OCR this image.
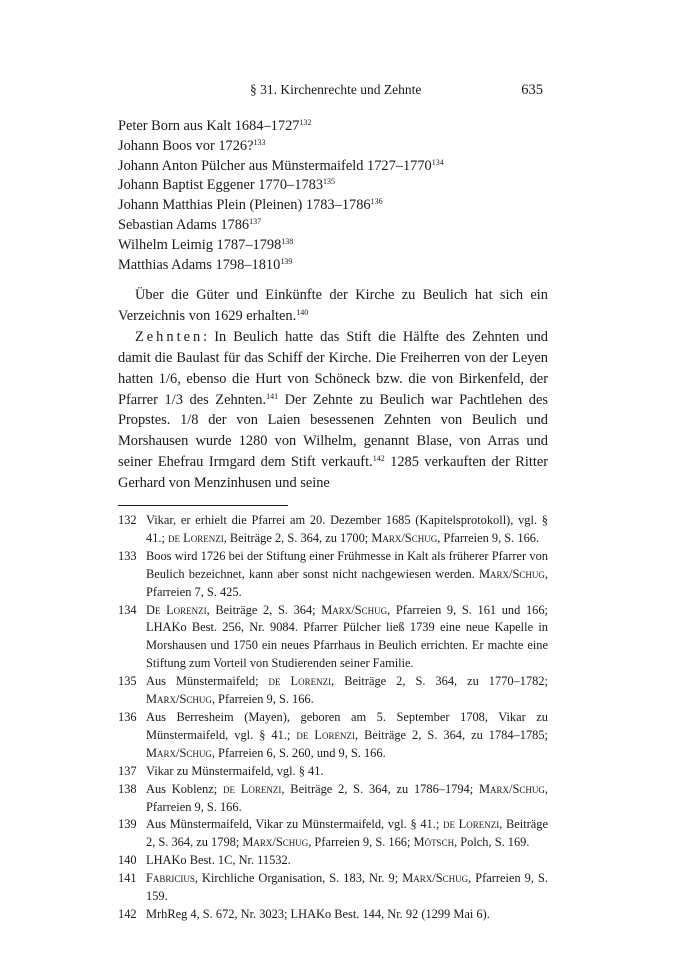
§ 31. Kirchenrechte und Zehnte	635
Peter Born aus Kalt 1684–1727$^{132}$
Johann Boos vor 1726?$^{133}$
Johann Anton Pülcher aus Münstermaifeld 1727–1770$^{134}$
Johann Baptist Eggener 1770–1783$^{135}$
Johann Matthias Plein (Pleinen) 1783–1786$^{136}$
Sebastian Adams 1786$^{137}$
Wilhelm Leimig 1787–1798$^{138}$
Matthias Adams 1798–1810$^{139}$

Über die Güter und Einkünfte der Kirche zu Beulich hat sich ein Verzeichnis von 1629 erhalten.$^{140}$

Zehnten: In Beulich hatte das Stift die Hälfte des Zehnten und damit die Baulast für das Schiff der Kirche. Die Freiherren von der Leyen hatten 1/6, ebenso die Hurt von Schöneck bzw. die von Birkenfeld, der Pfarrer 1/3 des Zehnten.$^{141}$ Der Zehnte zu Beulich war Pachtlehen des Propstes. 1/8 der von Laien besessenen Zehnten von Beulich und Morshausen wurde 1280 von Wilhelm, genannt Blase, von Arras und seiner Ehefrau Irmgard dem Stift verkauft.$^{142}$ 1285 verkauften der Ritter Gerhard von Menzinhusen und seine

132 Vikar, er erhielt die Pfarrei am 20. Dezember 1685 (Kapitelsprotokoll), vgl. § 41.; de Lorenzi, Beiträge 2, S. 364, zu 1700; Marx/Schug, Pfarreien 9, S. 166.
133 Boos wird 1726 bei der Stiftung einer Frühmesse in Kalt als früherer Pfarrer von Beulich bezeichnet, kann aber sonst nicht nachgewiesen werden. Marx/Schug, Pfarreien 7, S. 425.
134 De Lorenzi, Beiträge 2, S. 364; Marx/Schug, Pfarreien 9, S. 161 und 166; LHAKo Best. 256, Nr. 9084. Pfarrer Pülcher ließ 1739 eine neue Kapelle in Morshausen und 1750 ein neues Pfarrhaus in Beulich errichten. Er machte eine Stiftung zum Vorteil von Studierenden seiner Familie.
135 Aus Münstermaifeld; de Lorenzi, Beiträge 2, S. 364, zu 1770–1782; Marx/Schug, Pfarreien 9, S. 166.
136 Aus Berresheim (Mayen), geboren am 5. September 1708, Vikar zu Münstermaifeld, vgl. § 41.; de Lorenzi, Beiträge 2, S. 364, zu 1784–1785; Marx/Schug, Pfarreien 6, S. 260, und 9, S. 166.
137 Vikar zu Münstermaifeld, vgl. § 41.
138 Aus Koblenz; de Lorenzi, Beiträge 2, S. 364, zu 1786–1794; Marx/Schug, Pfarreien 9, S. 166.
139 Aus Münstermaifeld, Vikar zu Münstermaifeld, vgl. § 41.; de Lorenzi, Beiträge 2, S. 364, zu 1798; Marx/Schug, Pfarreien 9, S. 166; Mötsch, Polch, S. 169.
140 LHAKo Best. 1C, Nr. 11532.
141 Fabricius, Kirchliche Organisation, S. 183, Nr. 9; Marx/Schug, Pfarreien 9, S. 159.
142 MrhReg 4, S. 672, Nr. 3023; LHAKo Best. 144, Nr. 92 (1299 Mai 6).
